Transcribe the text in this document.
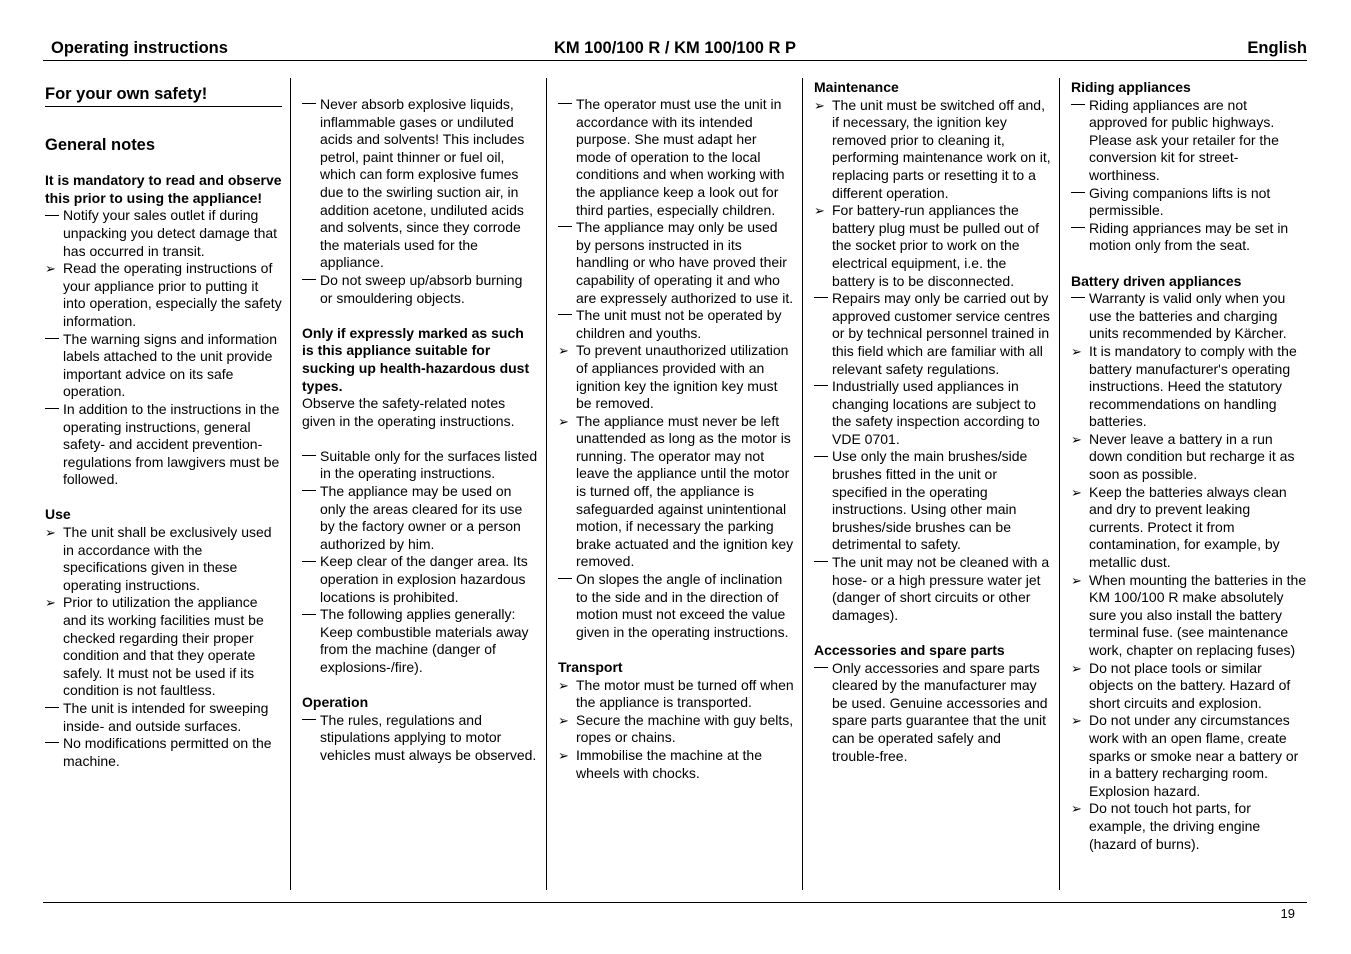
Operating instructions	KM 100/100 R / KM 100/100 R P	English

For your own safety!

General notes

It is mandatory to read and observe this prior to using the appliance!

Notify your sales outlet if during unpacking you detect damage that has occurred in transit.
➢ Read the operating instructions of your appliance prior to putting it into operation, especially the safety information.
The warning signs and information labels attached to the unit provide important advice on its safe operation.
In addition to the instructions in the operating instructions, general safety- and accident prevention-regulations from lawgivers must be followed.

Use

➢ The unit shall be exclusively used in accordance with the specifications given in these operating instructions.
➢ Prior to utilization the appliance and its working facilities must be checked regarding their proper condition and that they operate safely. It must not be used if its condition is not faultless.
The unit is intended for sweeping inside- and outside surfaces.
No modifications permitted on the machine.
Never absorb explosive liquids, inflammable gases or undiluted acids and solvents! This includes petrol, paint thinner or fuel oil, which can form explosive fumes due to the swirling suction air, in addition acetone, undiluted acids and solvents, since they corrode the materials used for the appliance.
Do not sweep up/absorb burning or smouldering objects.

Only if expressly marked as such is this appliance suitable for sucking up health-hazardous dust types.

Observe the safety-related notes given in the operating instructions.

Suitable only for the surfaces listed in the operating instructions.
The appliance may be used on only the areas cleared for its use by the factory owner or a person authorized by him.
Keep clear of the danger area. Its operation in explosion hazardous locations is prohibited.
The following applies generally: Keep combustible materials away from the machine (danger of explosions-/fire).

Operation

The rules, regulations and stipulations applying to motor vehicles must always be observed.
The operator must use the unit in accordance with its intended purpose. She must adapt her mode of operation to the local conditions and when working with the appliance keep a look out for third parties, especially children.
The appliance may only be used by persons instructed in its handling or who have proved their capability of operating it and who are expressely authorized to use it.
The unit must not be operated by children and youths.
➢ To prevent unauthorized utilization of appliances provided with an ignition key the ignition key must be removed.
➢ The appliance must never be left unattended as long as the motor is running. The operator may not leave the appliance until the motor is turned off, the appliance is safeguarded against unintentional motion, if necessary the parking brake actuated and the ignition key removed.
On slopes the angle of inclination to the side and in the direction of motion must not exceed the value given in the operating instructions.

Transport

➢ The motor must be turned off when the appliance is transported.
➢ Secure the machine with guy belts, ropes or chains.
➢ Immobilise the machine at the wheels with chocks.

Maintenance

➢ The unit must be switched off and, if necessary, the ignition key removed prior to cleaning it, performing maintenance work on it, replacing parts or resetting it to a different operation.
➢ For battery-run appliances the battery plug must be pulled out of the socket prior to work on the electrical equipment, i.e. the battery is to be disconnected.
Repairs may only be carried out by approved customer service centres or by technical personnel trained in this field which are familiar with all relevant safety regulations.
Industrially used appliances in changing locations are subject to the safety inspection according to VDE 0701.
Use only the main brushes/side brushes fitted in the unit or specified in the operating instructions. Using other main brushes/side brushes can be detrimental to safety.
The unit may not be cleaned with a hose- or a high pressure water jet (danger of short circuits or other damages).

Accessories and spare parts

Only accessories and spare parts cleared by the manufacturer may be used. Genuine accessories and spare parts guarantee that the unit can be operated safely and trouble-free.

Riding appliances

Riding appliances are not approved for public highways. Please ask your retailer for the conversion kit for street-worthiness.
Giving companions lifts is not permissible.
Riding appriances may be set in motion only from the seat.

Battery driven appliances

Warranty is valid only when you use the batteries and charging units recommended by Kärcher.
➢ It is mandatory to comply with the battery manufacturer's operating instructions. Heed the statutory recommendations on handling batteries.
➢ Never leave a battery in a run down condition but recharge it as soon as possible.
➢ Keep the batteries always clean and dry to prevent leaking currents. Protect it from contamination, for example, by metallic dust.
➢ When mounting the batteries in the KM 100/100 R make absolutely sure you also install the battery terminal fuse. (see maintenance work, chapter on replacing fuses)
➢ Do not place tools or similar objects on the battery. Hazard of short circuits and explosion.
➢ Do not under any circumstances work with an open flame, create sparks or smoke near a battery or in a battery recharging room. Explosion hazard.
➢ Do not touch hot parts, for example, the driving engine (hazard of burns).
19
